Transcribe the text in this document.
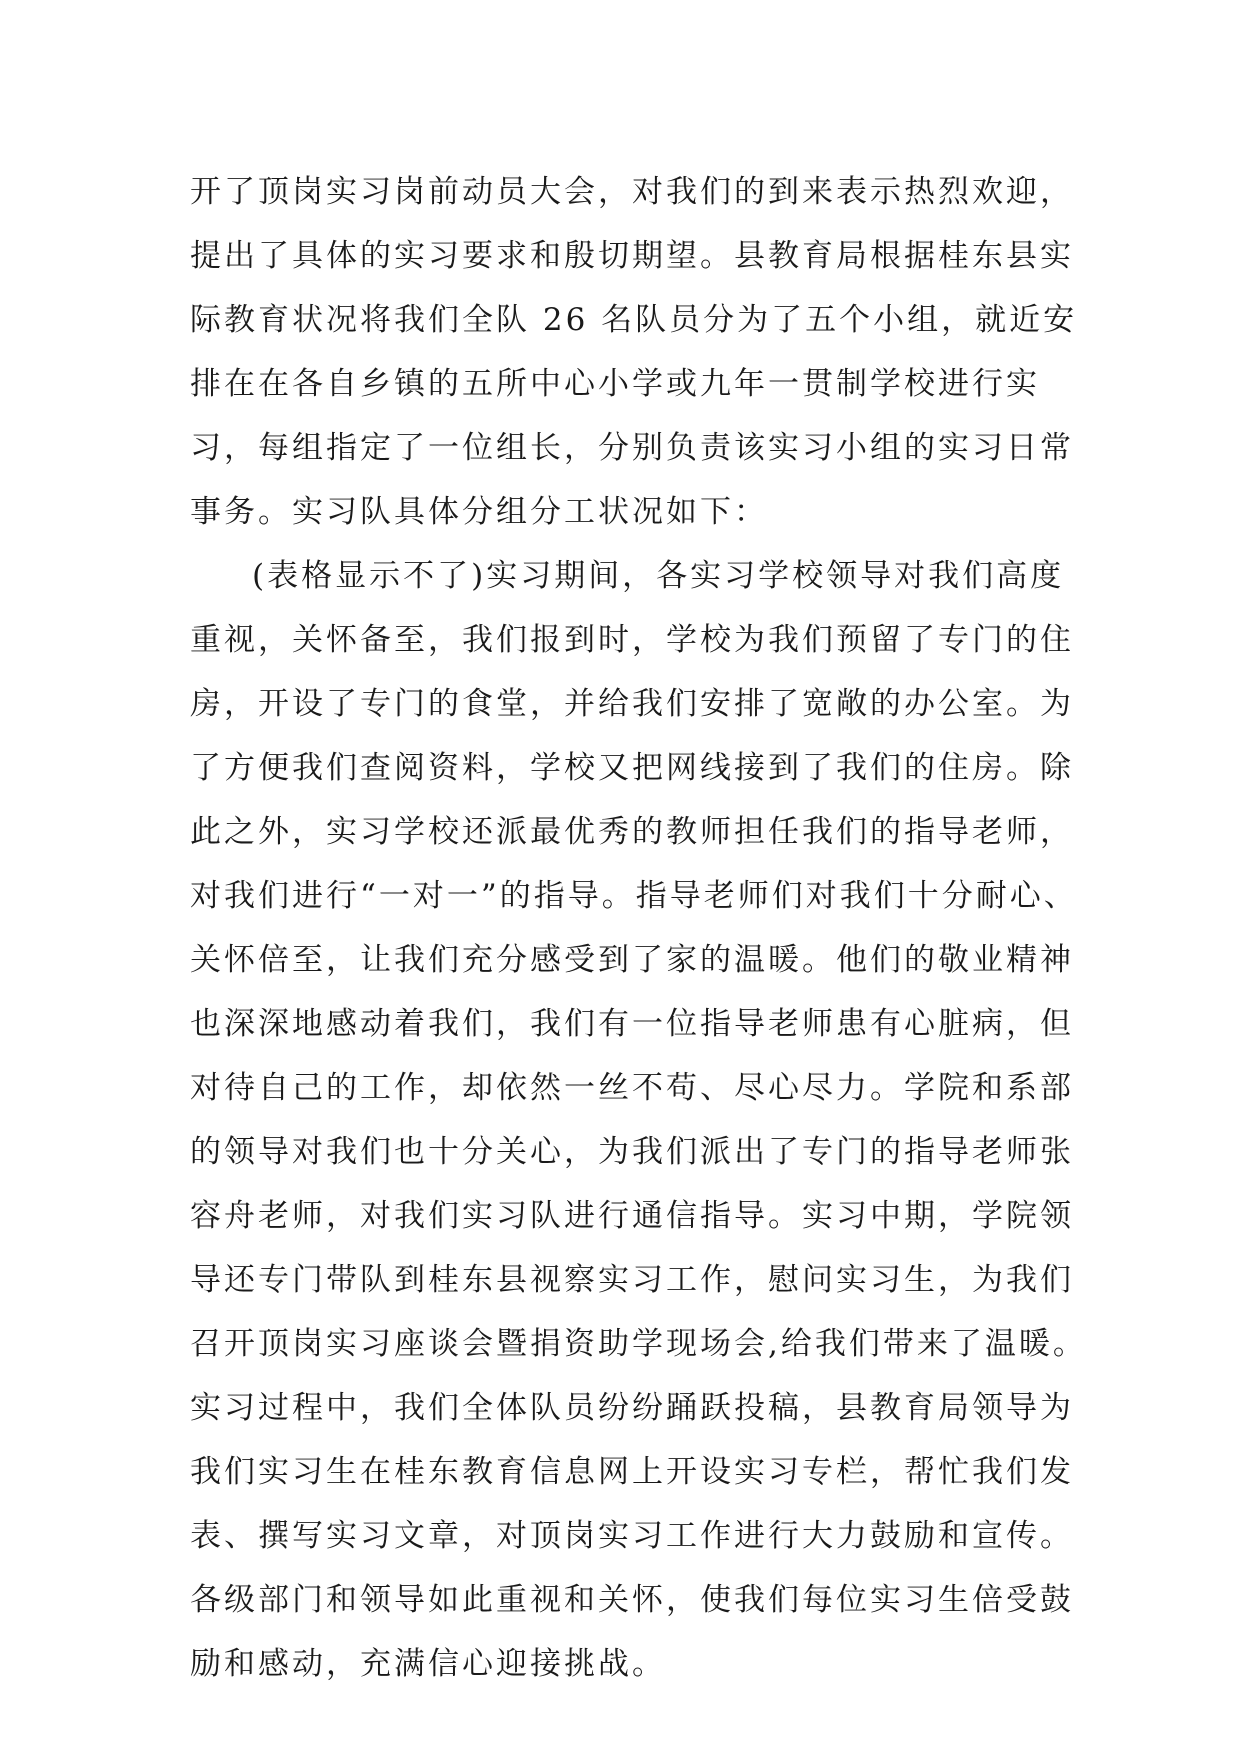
开了顶岗实习岗前动员大会，对我们的到来表示热烈欢迎，
提出了具体的实习要求和殷切期望。县教育局根据桂东县实
际教育状况将我们全队 26 名队员分为了五个小组，就近安
排在在各自乡镇的五所中心小学或九年一贯制学校进行实
习，每组指定了一位组长，分别负责该实习小组的实习日常
事务。实习队具体分组分工状况如下：
(表格显示不了)实习期间，各实习学校领导对我们高度
重视，关怀备至，我们报到时，学校为我们预留了专门的住
房，开设了专门的食堂，并给我们安排了宽敞的办公室。为
了方便我们查阅资料，学校又把网线接到了我们的住房。除
此之外，实习学校还派最优秀的教师担任我们的指导老师，
对我们进行“一对一”的指导。指导老师们对我们十分耐心、
关怀倍至，让我们充分感受到了家的温暖。他们的敬业精神
也深深地感动着我们，我们有一位指导老师患有心脏病，但
对待自己的工作，却依然一丝不苟、尽心尽力。学院和系部
的领导对我们也十分关心，为我们派出了专门的指导老师张
容舟老师，对我们实习队进行通信指导。实习中期，学院领
导还专门带队到桂东县视察实习工作，慰问实习生，为我们
召开顶岗实习座谈会暨捐资助学现场会,给我们带来了温暖。
实习过程中，我们全体队员纷纷踊跃投稿，县教育局领导为
我们实习生在桂东教育信息网上开设实习专栏，帮忙我们发
表、撰写实习文章，对顶岗实习工作进行大力鼓励和宣传。
各级部门和领导如此重视和关怀，使我们每位实习生倍受鼓
励和感动，充满信心迎接挑战。
